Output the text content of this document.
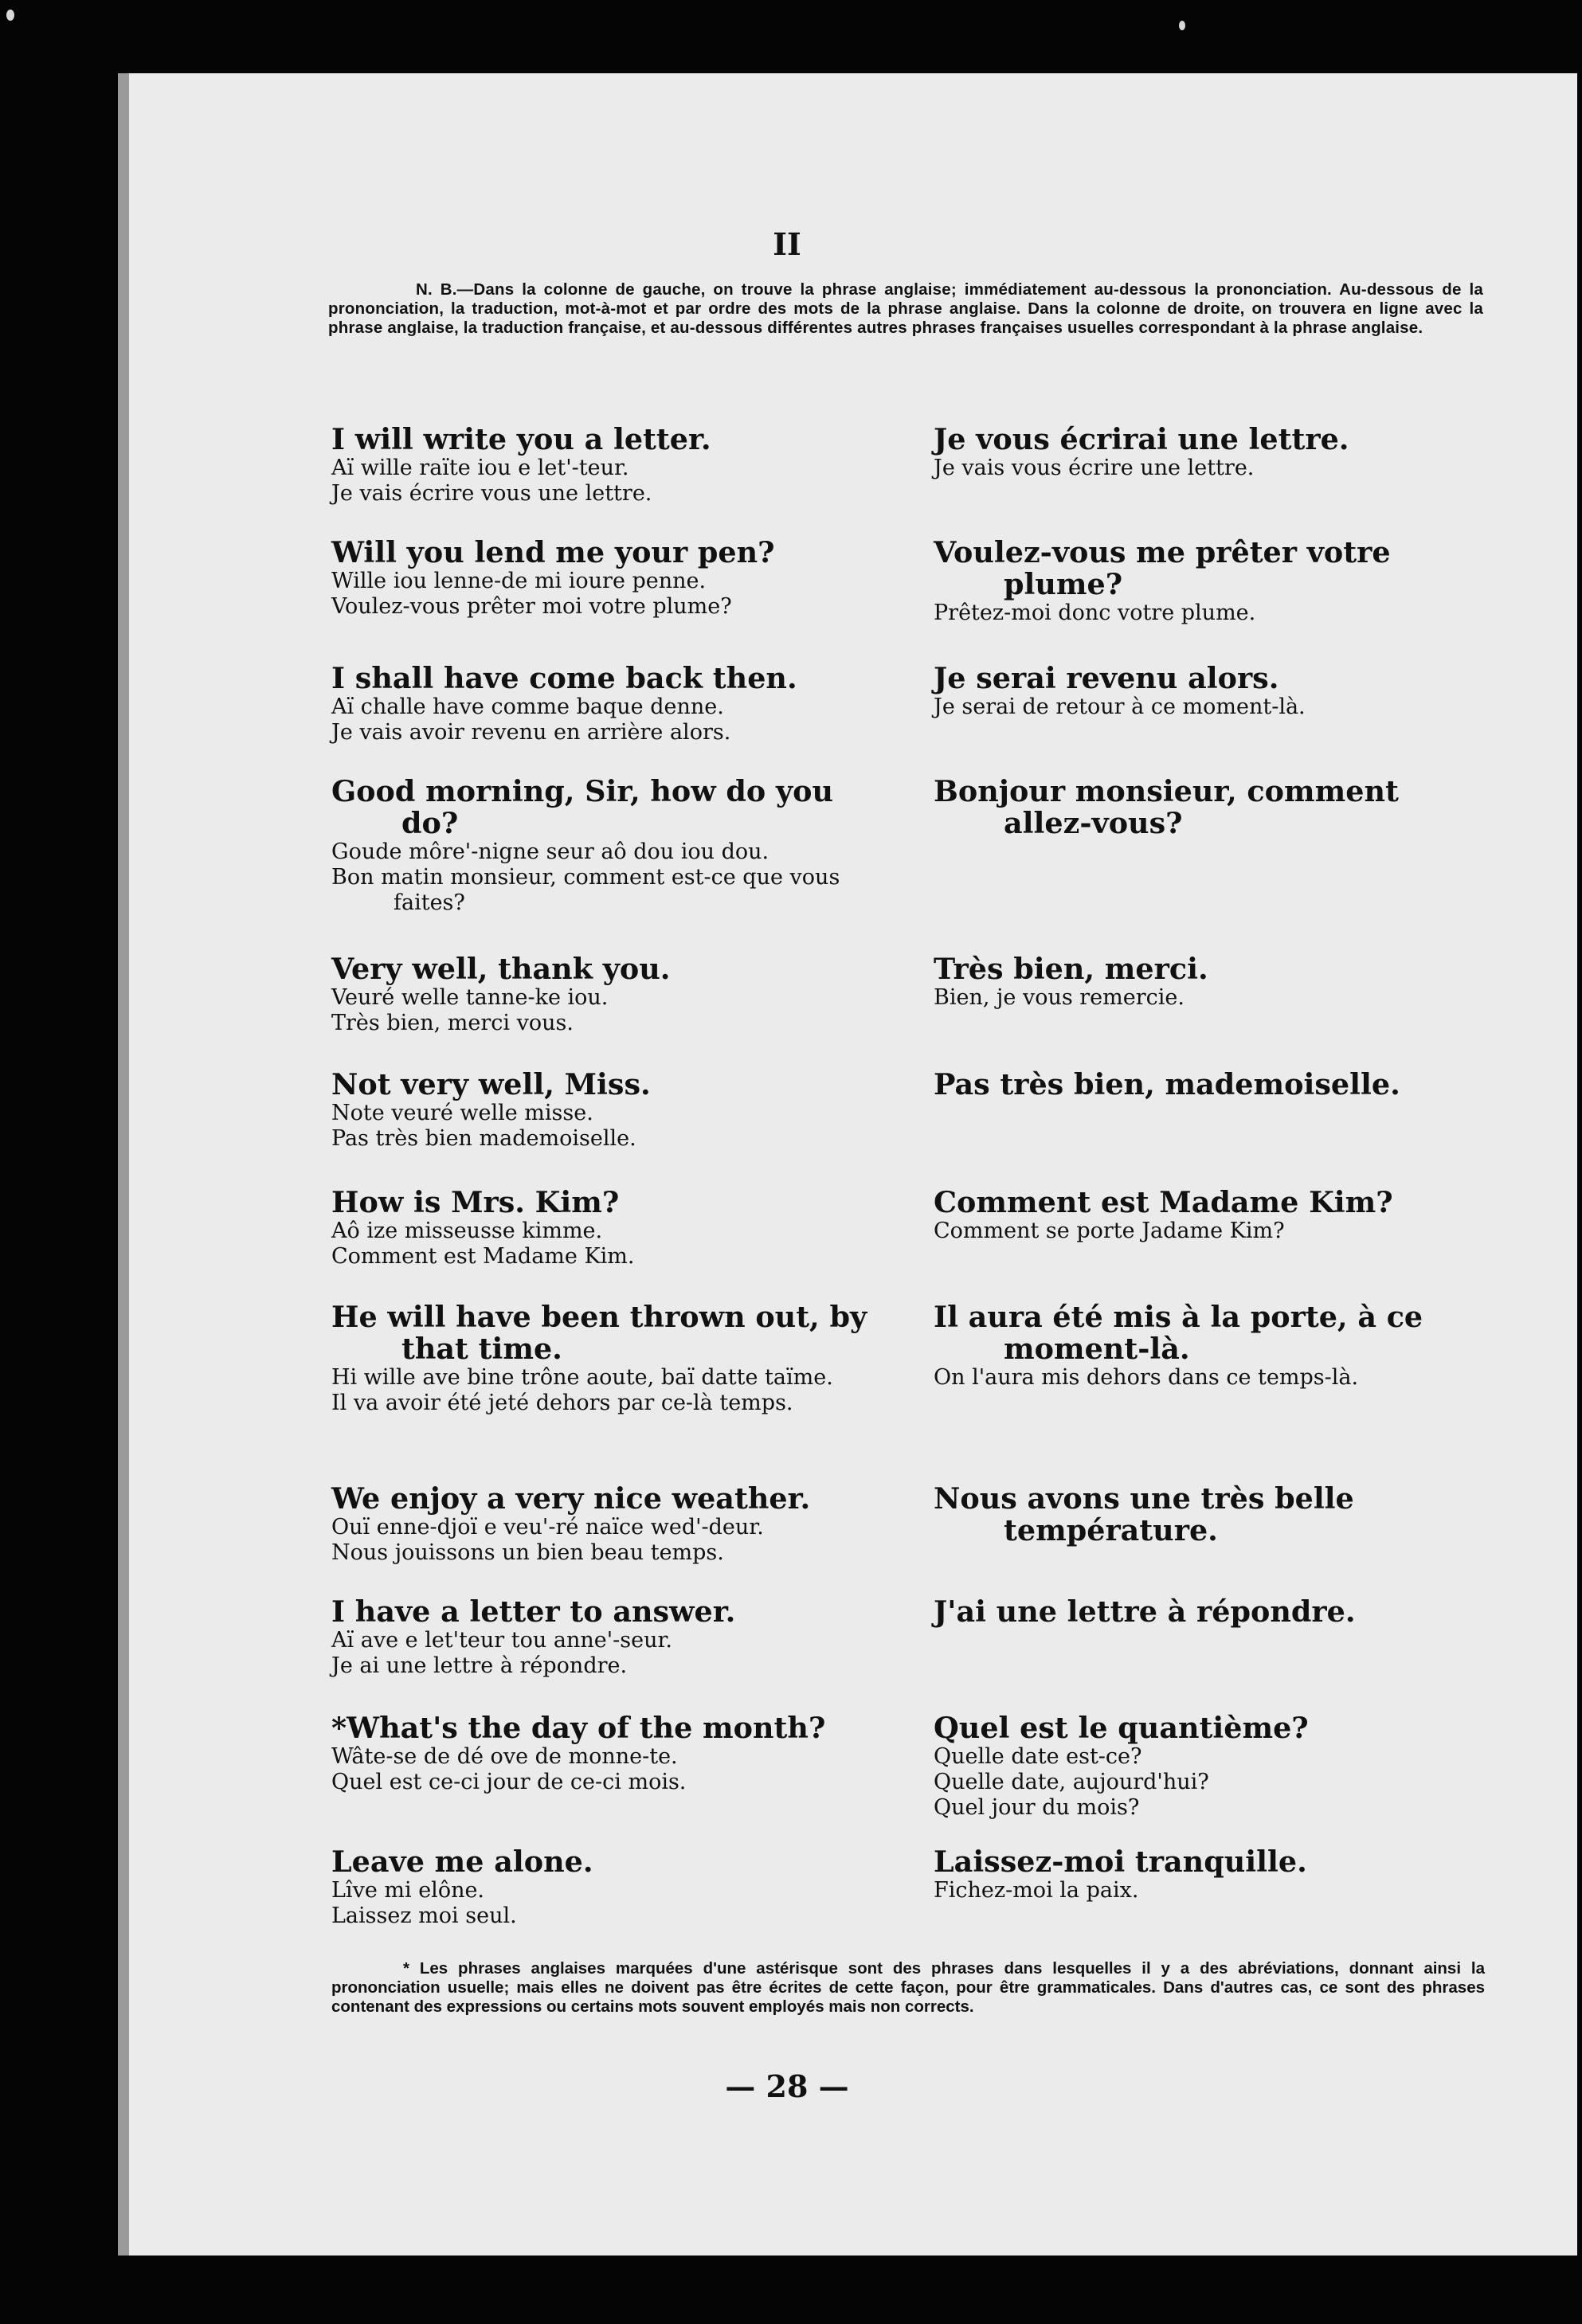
II
N. B.—Dans la colonne de gauche, on trouve la phrase anglaise; immédiatement au-dessous la prononciation. Au-dessous de la prononciation, la traduction, mot-à-mot et par ordre des mots de la phrase anglaise. Dans la colonne de droite, on trouvera en ligne avec la phrase anglaise, la traduction française, et au-dessous différentes autres phrases françaises usuelles correspondant à la phrase anglaise.

I will write you a letter.

Aï wille raïte iou e let'-teur.

Je vais écrire vous une lettre.

Je vous écrirai une lettre.

Je vais vous écrire une lettre.

Will you lend me your pen?

Wille iou lenne-de mi ioure penne.

Voulez-vous prêter moi votre plume?

Voulez-vous me prêter votre plume?

Prêtez-moi donc votre plume.

I shall have come back then.

Aï challe have comme baque denne.

Je vais avoir revenu en arrière alors.

Je serai revenu alors.

Je serai de retour à ce moment-là.

Good morning, Sir, how do you do?

Goude môre'-nigne seur aô dou iou dou.

Bon matin monsieur, comment est-ce que vous faites?

Bonjour monsieur, comment allez-vous?

Very well, thank you.

Veuré welle tanne-ke iou.

Très bien, merci vous.

Très bien, merci.

Bien, je vous remercie.

Not very well, Miss.

Note veuré welle misse.

Pas très bien mademoiselle.

Pas très bien, mademoiselle.

How is Mrs. Kim?

Aô ize misseusse kimme.

Comment est Madame Kim.

Comment est Madame Kim?

Comment se porte Jadame Kim?

He will have been thrown out, by that time.

Hi wille ave bine trône aoute, baï datte taïme.

Il va avoir été jeté dehors par ce-là temps.

Il aura été mis à la porte, à ce moment-là.

On l'aura mis dehors dans ce temps-là.

We enjoy a very nice weather.

Ouï enne-djoï e veu'-ré naïce wed'-deur.

Nous jouissons un bien beau temps.

Nous avons une très belle température.

I have a letter to answer.

Aï ave e let'teur tou anne'-seur.

Je ai une lettre à répondre.

J'ai une lettre à répondre.

*What's the day of the month?

Wâte-se de dé ove de monne-te.

Quel est ce-ci jour de ce-ci mois.

Quel est le quantième?

Quelle date est-ce?

Quelle date, aujourd'hui?

Quel jour du mois?

Leave me alone.

Lîve mi elône.

Laissez moi seul.

Laissez-moi tranquille.

Fichez-moi la paix.

* Les phrases anglaises marquées d'une astérisque sont des phrases dans lesquelles il y a des abréviations, donnant ainsi la prononciation usuelle; mais elles ne doivent pas être écrites de cette façon, pour être grammaticales. Dans d'autres cas, ce sont des phrases contenant des expressions ou certains mots souvent employés mais non corrects.
— 28 —
